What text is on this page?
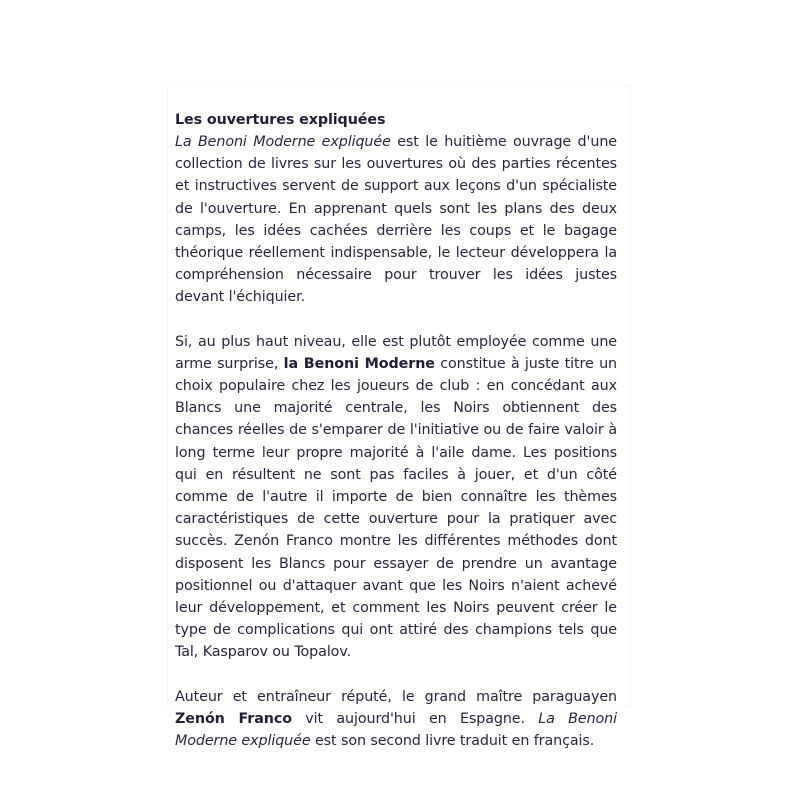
Les ouvertures expliquées

La Benoni Moderne expliquée est le huitième ouvrage d'une collection de livres sur les ouvertures où des parties récentes et instructives servent de support aux leçons d'un spécialiste de l'ouverture. En apprenant quels sont les plans des deux camps, les idées cachées derrière les coups et le bagage théorique réellement indispensable, le lecteur développera la compréhension nécessaire pour trouver les idées justes devant l'échiquier.

Si, au plus haut niveau, elle est plutôt employée comme une arme surprise, la Benoni Moderne constitue à juste titre un choix populaire chez les joueurs de club : en concédant aux Blancs une majorité centrale, les Noirs obtiennent des chances réelles de s'emparer de l'initiative ou de faire valoir à long terme leur propre majorité à l'aile dame. Les positions qui en résultent ne sont pas faciles à jouer, et d'un côté comme de l'autre il importe de bien connaître les thèmes caractéristiques de cette ouverture pour la pratiquer avec succès. Zenón Franco montre les différentes méthodes dont disposent les Blancs pour essayer de prendre un avantage positionnel ou d'attaquer avant que les Noirs n'aient achevé leur développement, et comment les Noirs peuvent créer le type de complications qui ont attiré des champions tels que Tal, Kasparov ou Topalov.

Auteur et entraîneur réputé, le grand maître paraguayen Zenón Franco vit aujourd'hui en Espagne. La Benoni Moderne expliquée est son second livre traduit en français.
